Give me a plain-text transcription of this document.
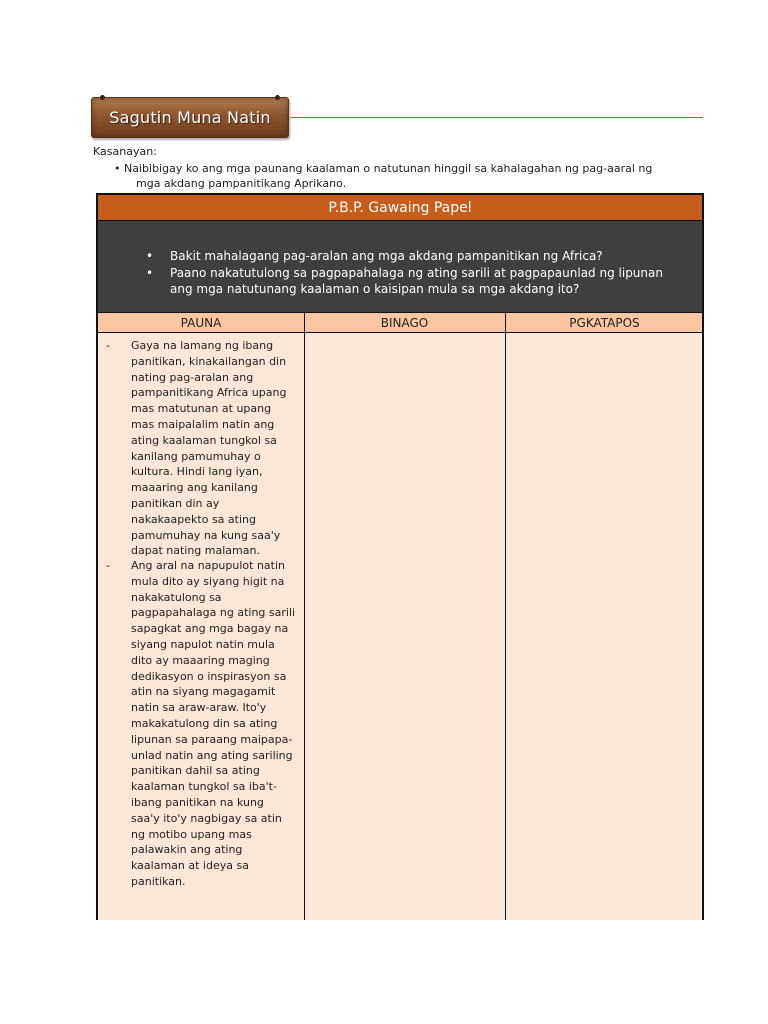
Sagutin Muna Natin
Kasanayan:
• Naibibigay ko ang mga paunang kaalaman o natutunan hinggil sa kahalagahan ng pag-aaral ng
mga akdang pampanitikang Aprikano.
P.B.P. Gawaing Papel
•	Bakit mahalagang pag-aralan ang mga akdang pampanitikan ng Africa?
•	Paano nakatutulong sa pagpapahalaga ng ating sarili at pagpapaunlad ng lipunan ang mga natutunang kaalaman o kaisipan mula sa mga akdang ito?
PAUNA	BINAGO	PGKATAPOS
-	Gaya na lamang ng ibang panitikan, kinakailangan din nating pag-aralan ang pampanitikang Africa upang mas matutunan at upang mas maipalalim natin ang ating kaalaman tungkol sa kanilang pamumuhay o kultura. Hindi lang iyan, maaaring ang kanilang panitikan din ay nakakaapekto sa ating pamumuhay na kung saa'y dapat nating malaman.
-	Ang aral na napupulot natin mula dito ay siyang higit na nakakatulong sa pagpapahalaga ng ating sarili sapagkat ang mga bagay na siyang napulot natin mula dito ay maaaring maging dedikasyon o inspirasyon sa atin na siyang magagamit natin sa araw-araw. Ito'y makakatulong din sa ating lipunan sa paraang maipapa-unlad natin ang ating sariling panitikan dahil sa ating kaalaman tungkol sa iba't-ibang panitikan na kung saa'y ito'y nagbigay sa atin ng motibo upang mas palawakin ang ating kaalaman at ideya sa panitikan.
